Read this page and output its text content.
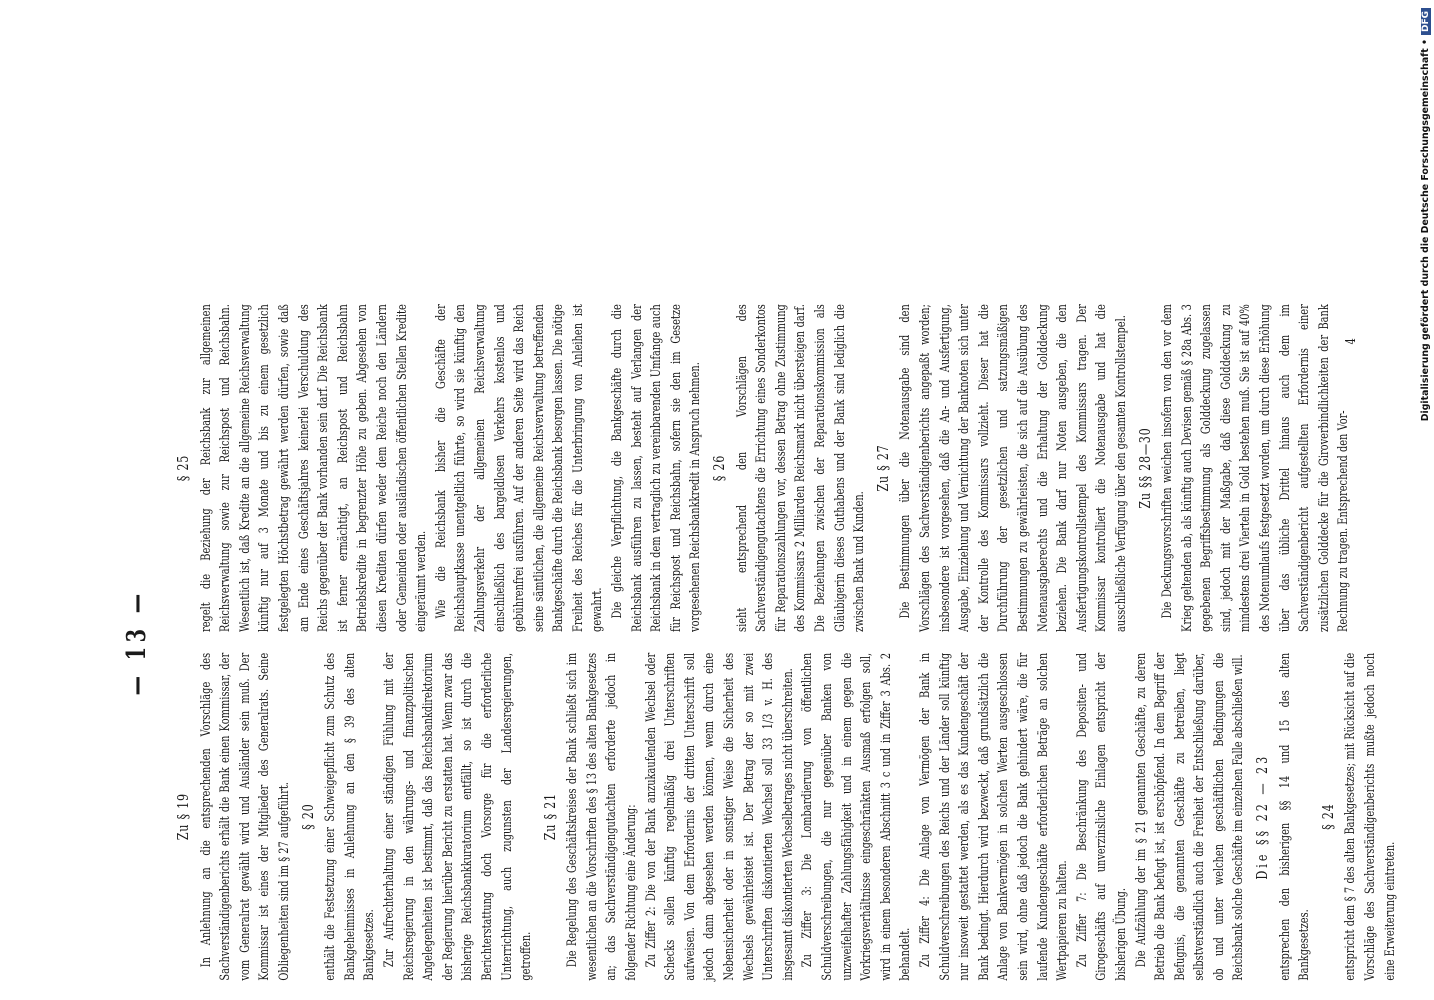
— 13 —
Zu § 19 In Anlehnung an die entsprechenden Vorschläge des Sachverständigenberichts erhält die Bank einen Kommissar, der vom Generalrat gewählt wird und Ausländer sein muß. Der Kommissar ist eines der Mitglieder des Generalrats. Seine Obliegenheiten sind im § 27 aufgeführt. § 20 enthält die Festsetzung einer Schweigepflicht zum Schutz des Bankgeheimnisses in Anlehnung an den § 39 des alten Bankgesetzes. Zur Aufrechterhaltung einer ständigen Fühlung mit der Reichsregierung in den währungs- und finanzpolitischen Angelegenheiten ist bestimmt, daß das Reichsbankdirektorium der Regierung hierüber Bericht zu erstatten hat. Wenn zwar das bisherige Reichsbankkuratorium entfällt, so ist durch die Berichterstattung doch Vorsorge für die erforderliche Unterrichtung, auch zugunsten der Landesregierungen, getroffen.

Zu § 21 Die Regelung des Geschäftskreises der Bank schließt sich im wesentlichen an die Vorschriften des § 13 des alten Bankgesetzes an; das Sachverständigengutachten erforderte jedoch in folgender Richtung eine Änderung: Zu Ziffer 2: Die von der Bank anzukaufenden Wechsel oder Schecks sollen künftig regelmäßig drei Unterschriften aufweisen. Von dem Erfordernis der dritten Unterschrift soll jedoch dann abgesehen werden können, wenn durch eine Nebensicherheit oder in sonstiger Weise die Sicherheit des Wechsels gewährleistet ist. Der Betrag der so mit zwei Unterschriften diskontierten Wechsel soll 33 1/3 v. H. des insgesamt diskontierten Wechselbetrages nicht überschreiten. Zu Ziffer 3: Die Lombardierung von öffentlichen Schuldverschreibungen, die nur gegenüber Banken von unzweifelhafter Zahlungsfähigkeit und in einem gegen die Vorkriegsverhältnisse eingeschränkten Ausmaß erfolgen soll, wird in einem besonderen Abschnitt 3 c und in Ziffer 3 Abs. 2 behandelt. Zu Ziffer 4: Die Anlage von Vermögen der Bank in Schuldverschreibungen des Reichs und der Länder soll künftig nur insoweit gestattet werden, als es das Kundengeschäft der Bank bedingt. Hierdurch wird bezweckt, daß grundsätzlich die Anlage von Bankvermögen in solchen Werten ausgeschlossen sein wird, ohne daß jedoch die Bank gehindert wäre, die für laufende Kundengeschäfte erforderlichen Beträge an solchen Wertpapieren zu halten. Zu Ziffer 7: Die Beschränkung des Depositen- und Girogeschäfts auf unverzinsliche Einlagen entspricht der bisherigen Übung. Die Aufzählung der im § 21 genannten Geschäfte, zu deren Betrieb die Bank befugt ist, ist erschöpfend. In dem Begriff der Befugnis, die genannten Geschäfte zu betreiben, liegt selbstverständlich auch die Freiheit der Entschließung darüber, ob und unter welchen geschäftlichen Bedingungen die Reichsbank solche Geschäfte im einzelnen Falle abschließen will. Die §§ 22 — 23 entsprechen den bisherigen §§ 14 und 15 des alten Bankgesetzes.

§ 24 entspricht dem § 7 des alten Bankgesetzes; mit Rücksicht auf die Vorschläge des Sachverständigenberichts mußte jedoch noch eine Erweiterung eintreten.

§ 25 regelt die Beziehung der Reichsbank zur allgemeinen Reichsverwaltung sowie zur Reichspost und Reichsbahn. Wesentlich ist, daß Kredite an die allgemeine Reichsverwaltung künftig nur auf 3 Monate und bis zu einem gesetzlich festgelegten Höchstbetrag gewährt werden dürfen, sowie daß am Ende eines Geschäftsjahres keinerlei Verschuldung des Reichs gegenüber der Bank vorhanden sein darf. Die Reichsbank ist ferner ermächtigt, an Reichspost und Reichsbahn Betriebskredite in begrenzter Höhe zu geben. Abgesehen von diesen Krediten dürfen weder dem Reiche noch den Ländern oder Gemeinden oder ausländischen öffentlichen Stellen Kredite eingeräumt werden. Wie die Reichsbank bisher die Geschäfte der Reichshauptkasse unentgeltlich führte, so wird sie künftig den Zahlungsverkehr der allgemeinen Reichsverwaltung einschließlich des bargeldlosen Verkehrs kostenlos und gebührenfrei ausführen. Auf der anderen Seite wird das Reich seine sämtlichen, die allgemeine Reichsverwaltung betreffenden Bankgeschäfte durch die Reichsbank besorgen lassen. Die nötige Freiheit des Reiches für die Unterbringung von Anleihen ist gewahrt. Die gleiche Verpflichtung, die Bankgeschäfte durch die Reichsbank ausführen zu lassen, besteht auf Verlangen der Reichsbank in dem vertraglich zu vereinbarenden Umfange auch für Reichspost und Reichsbahn, sofern sie den im Gesetze vorgesehenen Reichsbankkredit in Anspruch nehmen. § 26 sieht entsprechend den Vorschlägen des Sachverständigengutachtens die Errichtung eines Sonderkontos für Reparationszahlungen vor, dessen Betrag ohne Zustimmung des Kommissars 2 Milliarden Reichsmark nicht übersteigen darf. Die Beziehungen zwischen der Reparationskommission als Gläubigerin dieses Guthabens und der Bank sind lediglich die zwischen Bank und Kunden.

Zu § 27 Die Bestimmungen über die Notenausgabe sind den Vorschlägen des Sachverständigenberichts angepaßt worden; insbesondere ist vorgesehen, daß die An- und Ausfertigung, Ausgabe, Einziehung und Vernichtung der Banknoten sich unter der Kontrolle des Kommissars vollzieht. Dieser hat die Durchführung der gesetzlichen und satzungsmäßigen Bestimmungen zu gewährleisten, die sich auf die Ausübung des Notenausgaberechts und die Erhaltung der Golddeckung beziehen. Die Bank darf nur Noten ausgeben, die den Ausfertigungskontrollstempel des Kommissars tragen. Der Kommissar kontrolliert die Notenausgabe und hat die ausschließliche Verfügung über den gesamten Kontrollstempel. Zu §§ 28—30 Die Deckungsvorschriften weichen insofern von den vor dem Krieg geltenden ab, als künftig auch Devisen gemäß § 28a Abs. 3 gegebenen Begriffsbestimmung als Golddeckung zugelassen sind, jedoch mit der Maßgabe, daß diese Golddeckung zu mindestens drei Vierteln in Gold bestehen muß. Sie ist auf 40% des Notenumlaufs festgesetzt worden, um durch diese Erhöhung über das übliche Drittel hinaus auch dem im Sachverständigenbericht aufgestellten Erfordernis einer zusätzlichen Golddecke für die Giroverbindlichkeiten der Bank Rechnung zu tragen. Entsprechend den Vor-

4	Digitalisierung gefördert durch die Deutsche Forschungsgemeinschaft •DFG
